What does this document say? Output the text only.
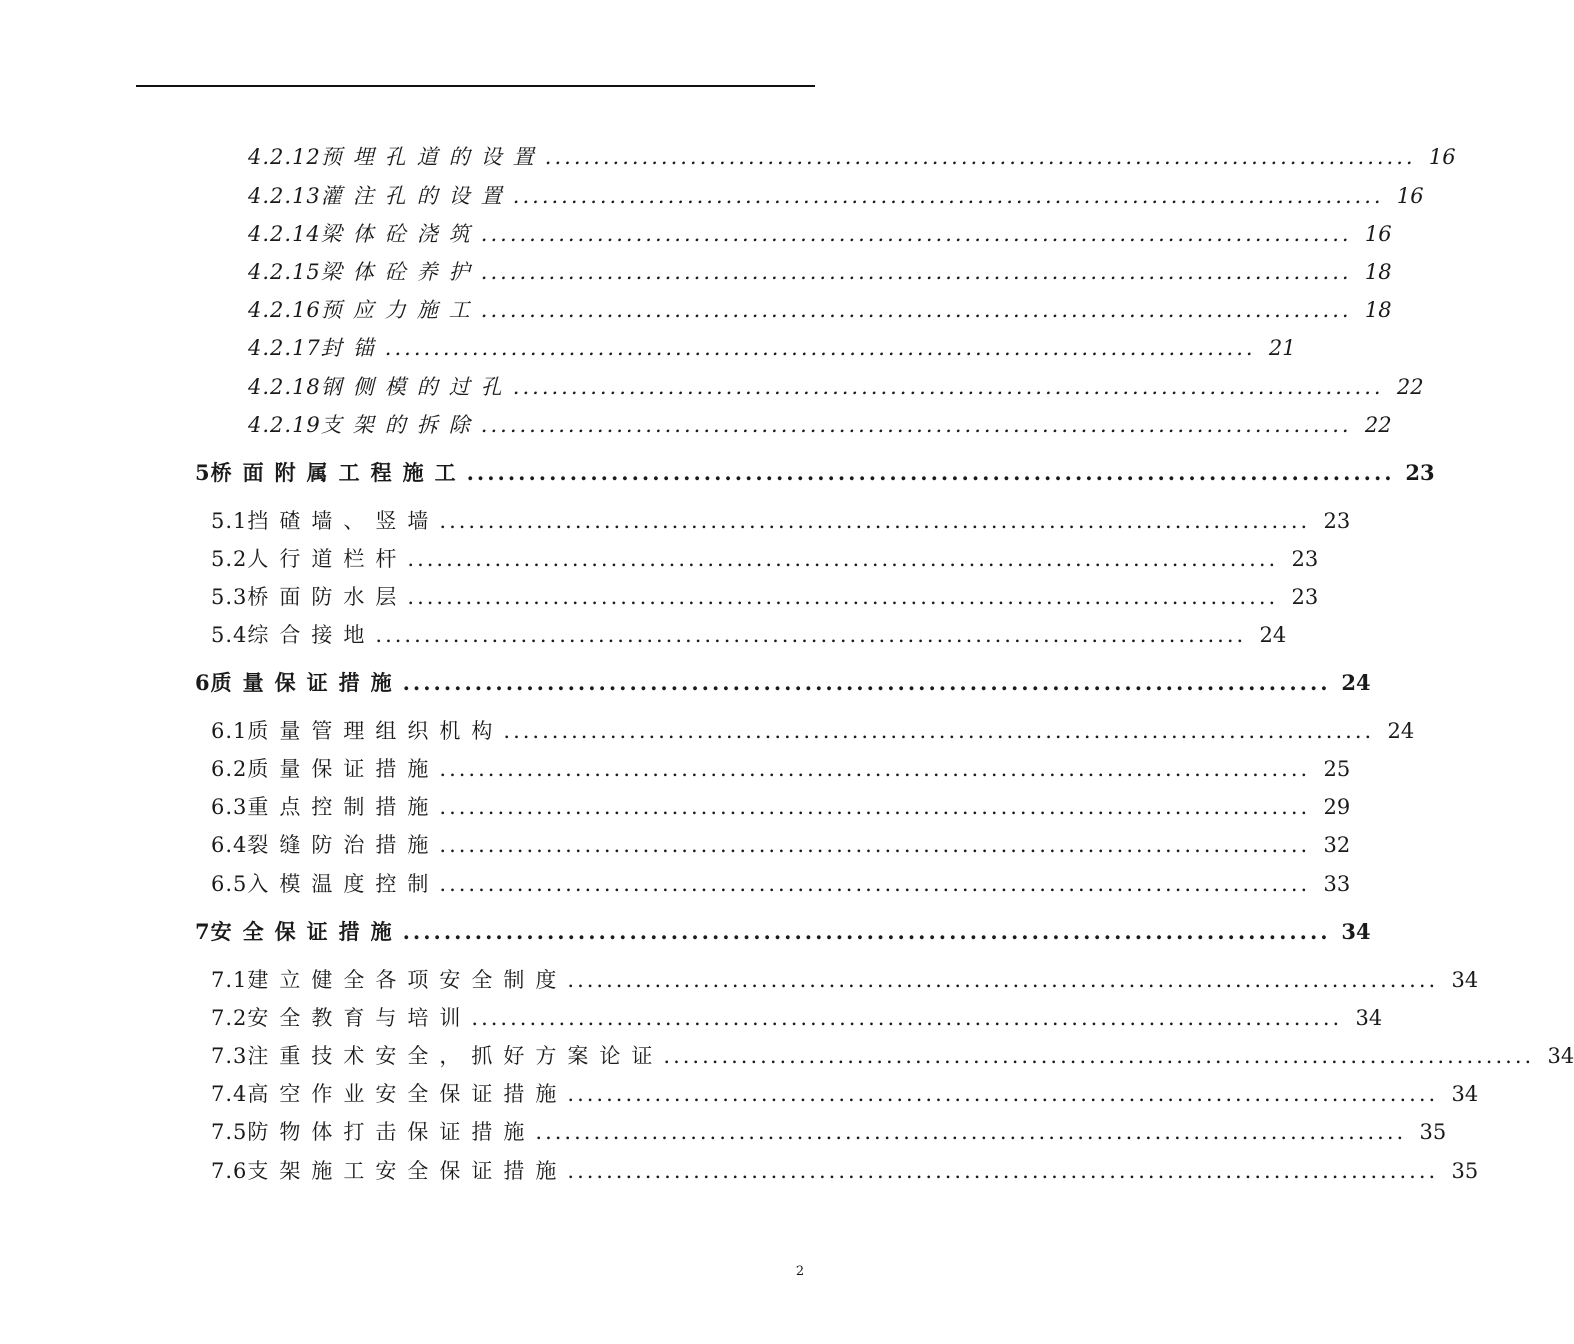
4.2.12 预埋孔道的设置 .......................................................................................... 16
4.2.13 灌注孔的设置 .......................................................................................... 16
4.2.14 梁体砼浇筑 .......................................................................................... 16
4.2.15 梁体砼养护 .......................................................................................... 18
4.2.16 预应力施工 .......................................................................................... 18
4.2.17 封锚 .......................................................................................... 21
4.2.18 钢侧模的过孔 .......................................................................................... 22
4.2.19 支架的拆除 .......................................................................................... 22
5 桥面附属工程施工 .......................................................................................... 23
5.1 挡碴墙、竖墙 .......................................................................................... 23
5.2 人行道栏杆 .......................................................................................... 23
5.3 桥面防水层 .......................................................................................... 23
5.4 综合接地 .......................................................................................... 24
6 质量保证措施 .......................................................................................... 24
6.1 质量管理组织机构 .......................................................................................... 24
6.2 质量保证措施 .......................................................................................... 25
6.3 重点控制措施 .......................................................................................... 29
6.4 裂缝防治措施 .......................................................................................... 32
6.5 入模温度控制 .......................................................................................... 33
7 安全保证措施 .......................................................................................... 34
7.1 建立健全各项安全制度 .......................................................................................... 34
7.2 安全教育与培训 .......................................................................................... 34
7.3 注重技术安全，抓好方案论证 .......................................................................................... 34
7.4 高空作业安全保证措施 .......................................................................................... 34
7.5 防物体打击保证措施 .......................................................................................... 35
7.6 支架施工安全保证措施 .......................................................................................... 35
2
